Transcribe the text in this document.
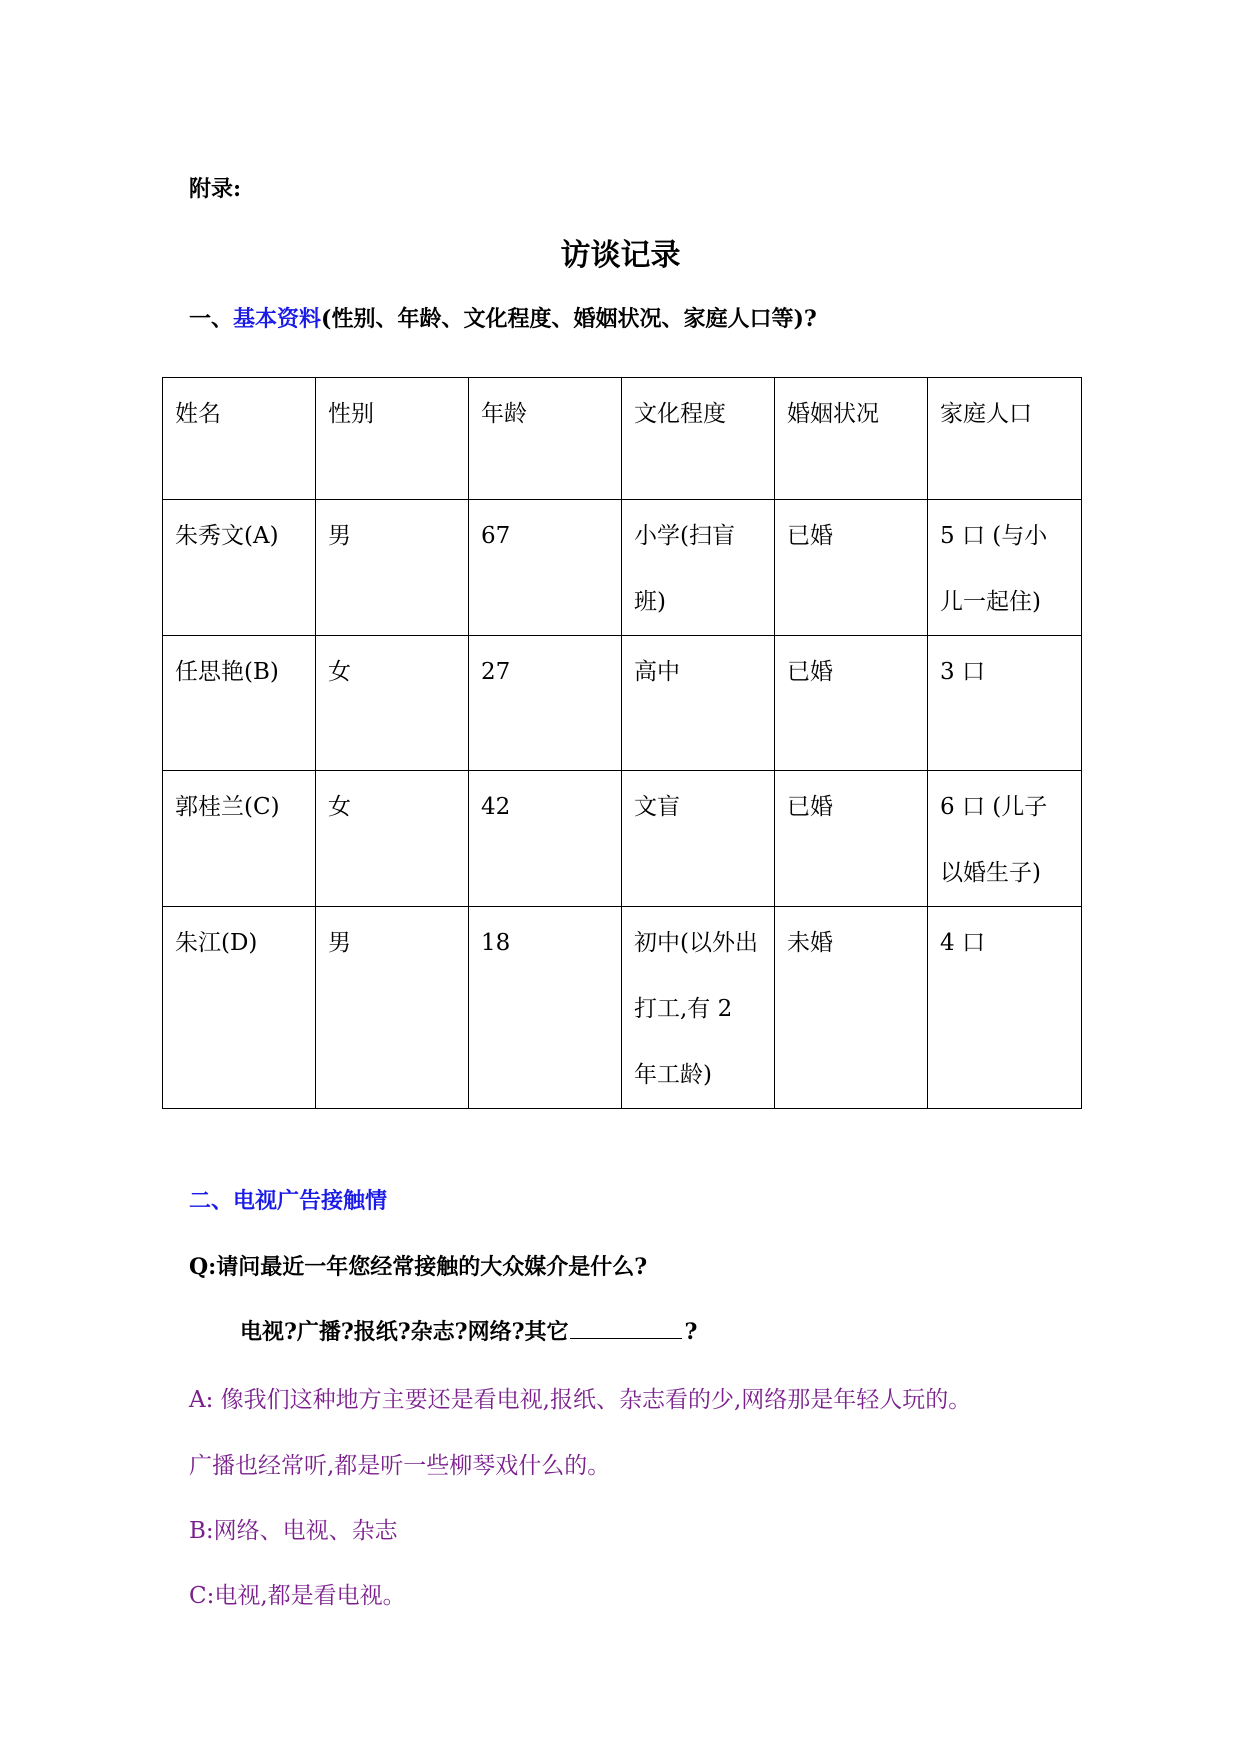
附录:
访谈记录
一、基本资料(性别、年龄、文化程度、婚姻状况、家庭人口等)?
姓名	性别	年龄	文化程度	婚姻状况	家庭人口

朱秀文(A)	男	67	小学(扫盲班)	已婚	5 口 (与小儿一起住)

任思艳(B)	女	27	高中	已婚	3 口

郭桂兰(C)	女	42	文盲	已婚	6 口 (儿子以婚生子)

朱江(D)	男	18	初中(以外出打工,有 2 年工龄)	未婚	4 口
二、电视广告接触情
Q:请问最近一年您经常接触的大众媒介是什么?
电视?广播?报纸?杂志?网络?其它	?
A: 像我们这种地方主要还是看电视,报纸、杂志看的少,网络那是年轻人玩的。
广播也经常听,都是听一些柳琴戏什么的。
B:网络、电视、杂志
C:电视,都是看电视。
